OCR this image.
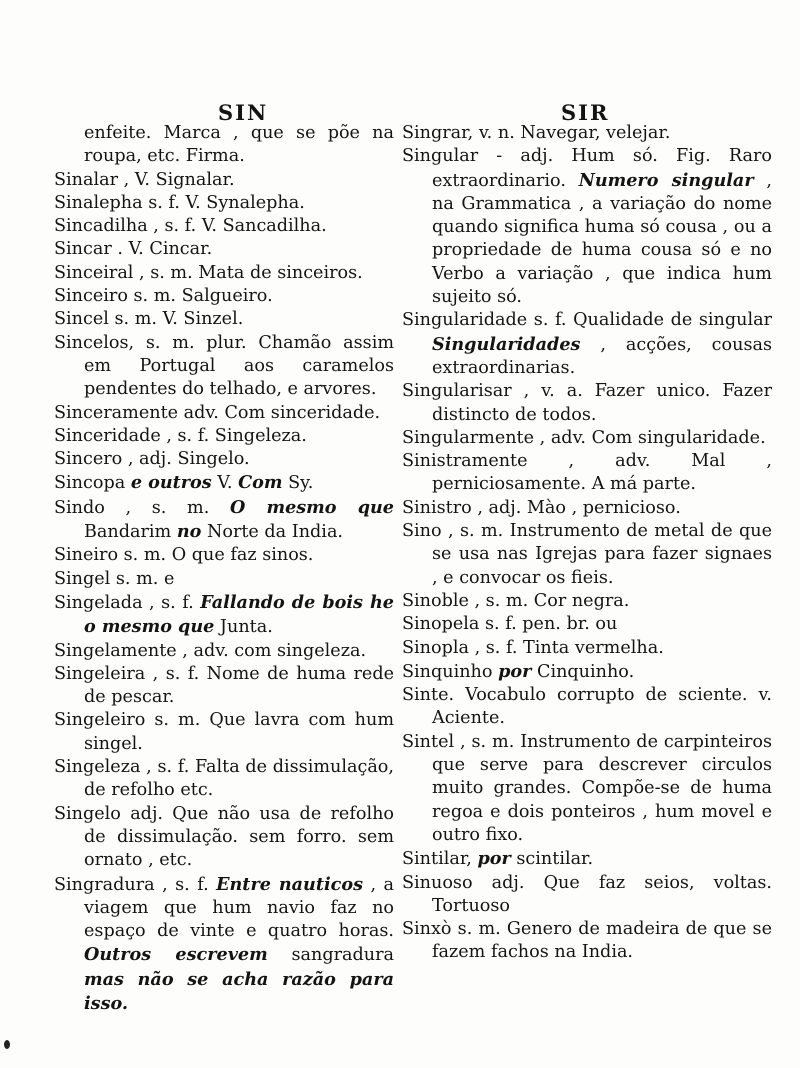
SIN	SIR

enfeite. Marca , que se põe na roupa, etc. Firma.

Sinalar , V. Signalar.

Sinalepha s. f. V. Synalepha.

Sincadilha , s. f. V. Sancadilha.

Sincar . V. Cincar.

Sinceiral , s. m. Mata de sinceiros.

Sinceiro s. m. Salgueiro.

Sincel s. m. V. Sinzel.

Sincelos, s. m. plur. Chamão assim em Portugal aos caramelos pendentes do telhado, e arvores.

Sinceramente adv. Com sinceridade.

Sinceridade , s. f. Singeleza.

Sincero , adj. Singelo.

Sincopa e outros V. Com Sy.

Sindo , s. m. O mesmo que Bandarim no Norte da India.

Sineiro s. m. O que faz sinos.

Singel s. m. e

Singelada , s. f. Fallando de bois he o mesmo que Junta.

Singelamente , adv. com singeleza.

Singeleira , s. f. Nome de huma rede de pescar.

Singeleiro s. m. Que lavra com hum singel.

Singeleza , s. f. Falta de dissimulação, de refolho etc.

Singelo adj. Que não usa de refolho de dissimulação. sem forro. sem ornato , etc.

Singradura , s. f. Entre nauticos , a viagem que hum navio faz no espaço de vinte e quatro horas. Outros escrevem sangradura mas não se acha razão para isso.

Singrar, v. n. Navegar, velejar.

Singular - adj. Hum só. Fig. Raro extraordinario. Numero singular , na Grammatica , a variação do nome quando significa huma só cousa , ou a propriedade de huma cousa só e no Verbo a variação , que indica hum sujeito só.

Singularidade s. f. Qualidade de singular Singularidades , acções, cousas extraordinarias.

Singularisar , v. a. Fazer unico. Fazer distincto de todos.

Singularmente , adv. Com singularidade.

Sinistramente , adv. Mal , perniciosamente. A má parte.

Sinistro , adj. Mào , pernicioso.

Sino , s. m. Instrumento de metal de que se usa nas Igrejas para fazer signaes , e convocar os fieis.

Sinoble , s. m. Cor negra.

Sinopela s. f. pen. br. ou

Sinopla , s. f. Tinta vermelha.

Sinquinho por Cinquinho.

Sinte. Vocabulo corrupto de sciente. v. Aciente.

Sintel , s. m. Instrumento de carpinteiros que serve para descrever circulos muito grandes. Compõe-se de huma regoa e dois ponteiros , hum movel e outro fixo.

Sintilar, por scintilar.

Sinuoso adj. Que faz seios, voltas. Tortuoso

Sinxò s. m. Genero de madeira de que se fazem fachos na India.
